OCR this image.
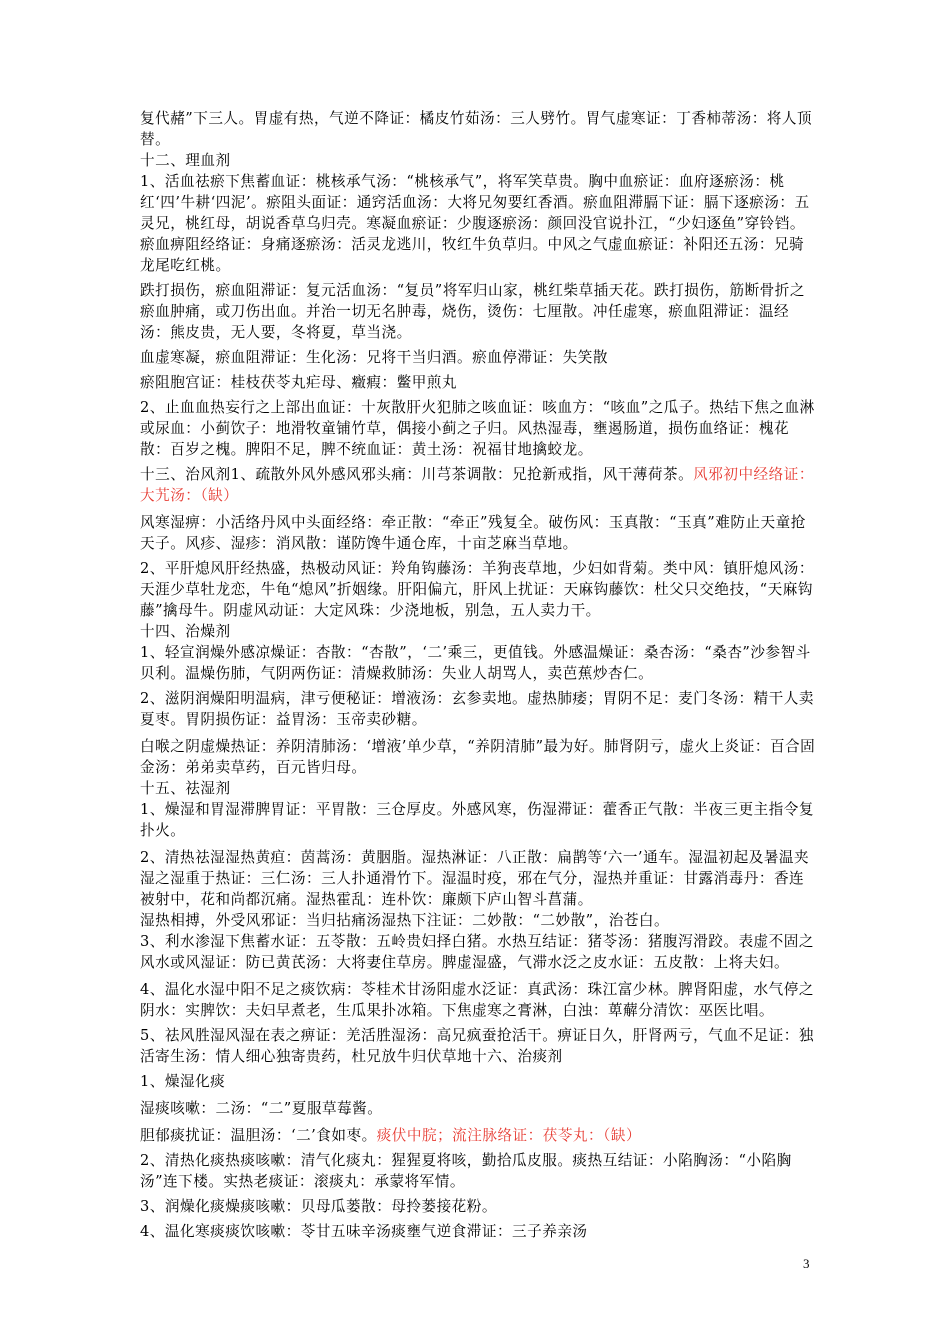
复代赭”下三人。胃虚有热，气逆不降证：橘皮竹茹汤：三人劈竹。胃气虚寒证：丁香柿蒂汤：将人顶替。

十二、理血剂

1、活血祛瘀下焦蓄血证：桃核承气汤：“桃核承气”，将军笑草贵。胸中血瘀证：血府逐瘀汤：桃红‘四’牛耕‘四泥’。瘀阻头面证：通窍活血汤：大将兄匆要红香酒。瘀血阻滞膈下证：膈下逐瘀汤：五灵兄，桃红母，胡说香草乌归壳。寒凝血瘀证：少腹逐瘀汤：颜回没官说扑江，“少妇逐鱼”穿铃铛。瘀血痹阻经络证：身痛逐瘀汤：活灵龙逃川，牧红牛负草归。中风之气虚血瘀证：补阳还五汤：兄骑龙尾吃红桃。

跌打损伤，瘀血阻滞证：复元活血汤：“复员”将军归山家，桃红柴草插天花。跌打损伤，筋断骨折之瘀血肿痛，或刀伤出血。并治一切无名肿毒，烧伤，烫伤：七厘散。冲任虚寒，瘀血阻滞证：温经汤：熊皮贵，无人要，冬将夏，草当浇。

血虚寒凝，瘀血阻滞证：生化汤：兄将干当归酒。瘀血停滞证：失笑散

瘀阻胞宫证：桂枝茯苓丸疟母、癥瘕：鳖甲煎丸

2、止血血热妄行之上部出血证：十灰散肝火犯肺之咳血证：咳血方：“咳血”之瓜子。热结下焦之血淋或尿血：小蓟饮子：地滑牧童铺竹草，偶接小蓟之子归。风热湿毒，壅遏肠道，损伤血络证：槐花散：百岁之槐。脾阳不足，脾不统血证：黄土汤：祝福甘地擒蛟龙。

十三、治风剂1、疏散外风外感风邪头痛：川芎茶调散：兄抢新戒指，风干薄荷茶。风邪初中经络证：大艽汤：（缺）

风寒湿痹：小活络丹风中头面经络：牵正散：“牵正”残复全。破伤风：玉真散：“玉真”难防止天童抢天子。风疹、湿疹：消风散：谨防馋牛通仓库，十亩芝麻当草地。

2、平肝熄风肝经热盛，热极动风证：羚角钩藤汤：羊狗丧草地，少妇如背菊。类中风：镇肝熄风汤：天涯少草牡龙恋，牛龟“熄风”折姻缘。肝阳偏亢，肝风上扰证：天麻钩藤饮：杜父只交绝技，“天麻钩藤”擒母牛。阴虚风动证：大定风珠：少浇地板，别急，五人卖力干。

十四、治燥剂

1、轻宣润燥外感凉燥证：杏散：“杏散”，‘二’乘三，更值钱。外感温燥证：桑杏汤：“桑杏”沙参智斗贝利。温燥伤肺，气阴两伤证：清燥救肺汤：失业人胡骂人，卖芭蕉炒杏仁。

2、滋阴润燥阳明温病，津亏便秘证：增液汤：玄参卖地。虚热肺痿；胃阴不足：麦门冬汤：精干人卖夏枣。胃阴损伤证：益胃汤：玉帝卖砂糖。

白喉之阴虚燥热证：养阴清肺汤：‘增液’单少草，“养阴清肺”最为好。肺肾阴亏，虚火上炎证：百合固金汤：弟弟卖草药，百元皆归母。

十五、祛湿剂

1、燥湿和胃湿滞脾胃证：平胃散：三仓厚皮。外感风寒，伤湿滞证：藿香正气散：半夜三更主指令复扑火。

2、清热祛湿湿热黄疸：茵蒿汤：黄胭脂。湿热淋证：八正散：扁鹊等‘六一’通车。湿温初起及暑温夹湿之湿重于热证：三仁汤：三人扑通滑竹下。湿温时疫，邪在气分，湿热并重证：甘露消毒丹：香连被射中，花和尚都沉痛。湿热霍乱：连朴饮：廉颇下庐山智斗菖蒲。

湿热相搏，外受风邪证：当归拈痛汤湿热下注证：二妙散：“二妙散”，治苍白。

3、利水渗湿下焦蓄水证：五苓散：五岭贵妇择白猪。水热互结证：猪苓汤：猪腹泻滑跤。表虚不固之风水或风湿证：防已黄芪汤：大将妻住草房。脾虚湿盛，气滞水泛之皮水证：五皮散：上将夫妇。

4、温化水湿中阳不足之痰饮病：苓桂术甘汤阳虚水泛证：真武汤：珠江富少林。脾肾阳虚，水气停之阴水：实脾饮：夫妇早煮老，生瓜果扑冰箱。下焦虚寒之膏淋，白浊：萆薢分清饮：巫医比唱。

5、祛风胜湿风湿在表之痹证：羌活胜湿汤：高兄疯蚕抢活干。痹证日久，肝肾两亏，气血不足证：独活寄生汤：情人细心独寄贵药，杜兄放牛归伏草地十六、治痰剂

1、燥湿化痰

湿痰咳嗽：二汤：“二”夏服草莓酱。

胆郁痰扰证：温胆汤：‘二’食如枣。痰伏中脘；流注脉络证：茯苓丸：（缺）

2、清热化痰热痰咳嗽：清气化痰丸：猩猩夏将咳，勤拾瓜皮服。痰热互结证：小陷胸汤：“小陷胸汤”连下楼。实热老痰证：滚痰丸：承蒙将军情。

3、润燥化痰燥痰咳嗽：贝母瓜蒌散：母拎蒌接花粉。

4、温化寒痰痰饮咳嗽：苓甘五味辛汤痰壅气逆食滞证：三子养亲汤

3
